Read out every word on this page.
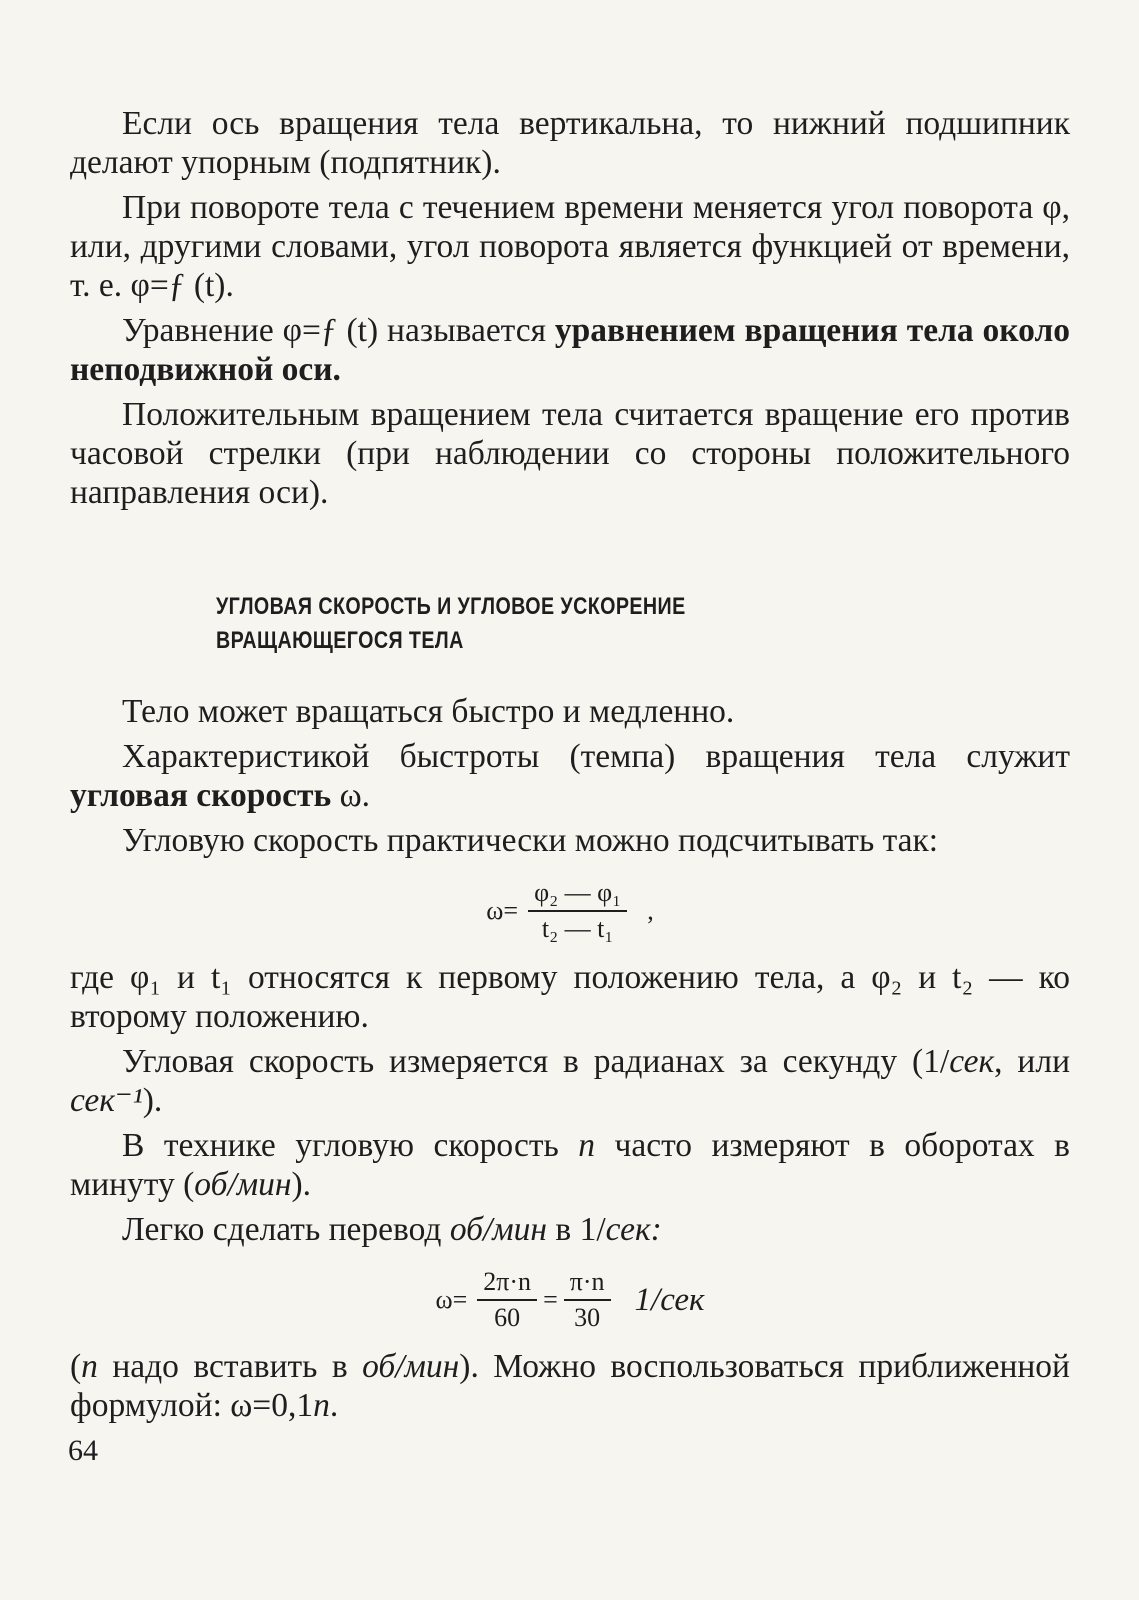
Если ось вращения тела вертикальна, то нижний подшипник делают упорным (подпятник).

При повороте тела с течением времени меняется угол поворота φ, или, другими словами, угол поворота является функцией от времени, т. е. φ=ƒ (t).

Уравнение φ=ƒ (t) называется уравнением вращения тела около неподвижной оси.

Положительным вращением тела считается вращение его против часовой стрелки (при наблюдении со стороны положительного направления оси).

УГЛОВАЯ СКОРОСТЬ И УГЛОВОЕ УСКОРЕНИЕ
ВРАЩАЮЩЕГОСЯ ТЕЛА

Тело может вращаться быстро и медленно.

Характеристикой быстроты (темпа) вращения тела служит угловая скорость ω.

Угловую скорость практически можно подсчитывать так:

$\omega= \frac{\text{φ₂ — φ₁}}{\text{t₂ — t₁}}$ ,

где φ₁ и t₁ относятся к первому положению тела, а φ₂ и t₂ — ко второму положению.

Угловая скорость измеряется в радианах за секунду (1/сек, или сек⁻¹).

В технике угловую скорость n часто измеряют в оборотах в минуту (об/мин).

Легко сделать перевод об/мин в 1/сек:

$\omega= \frac{2\pi\cdot n}{60} = \frac{\pi\cdot n}{30} 1/сек$

(n надо вставить в об/мин). Можно воспользоваться приближенной формулой: ω=0,1n.

64
